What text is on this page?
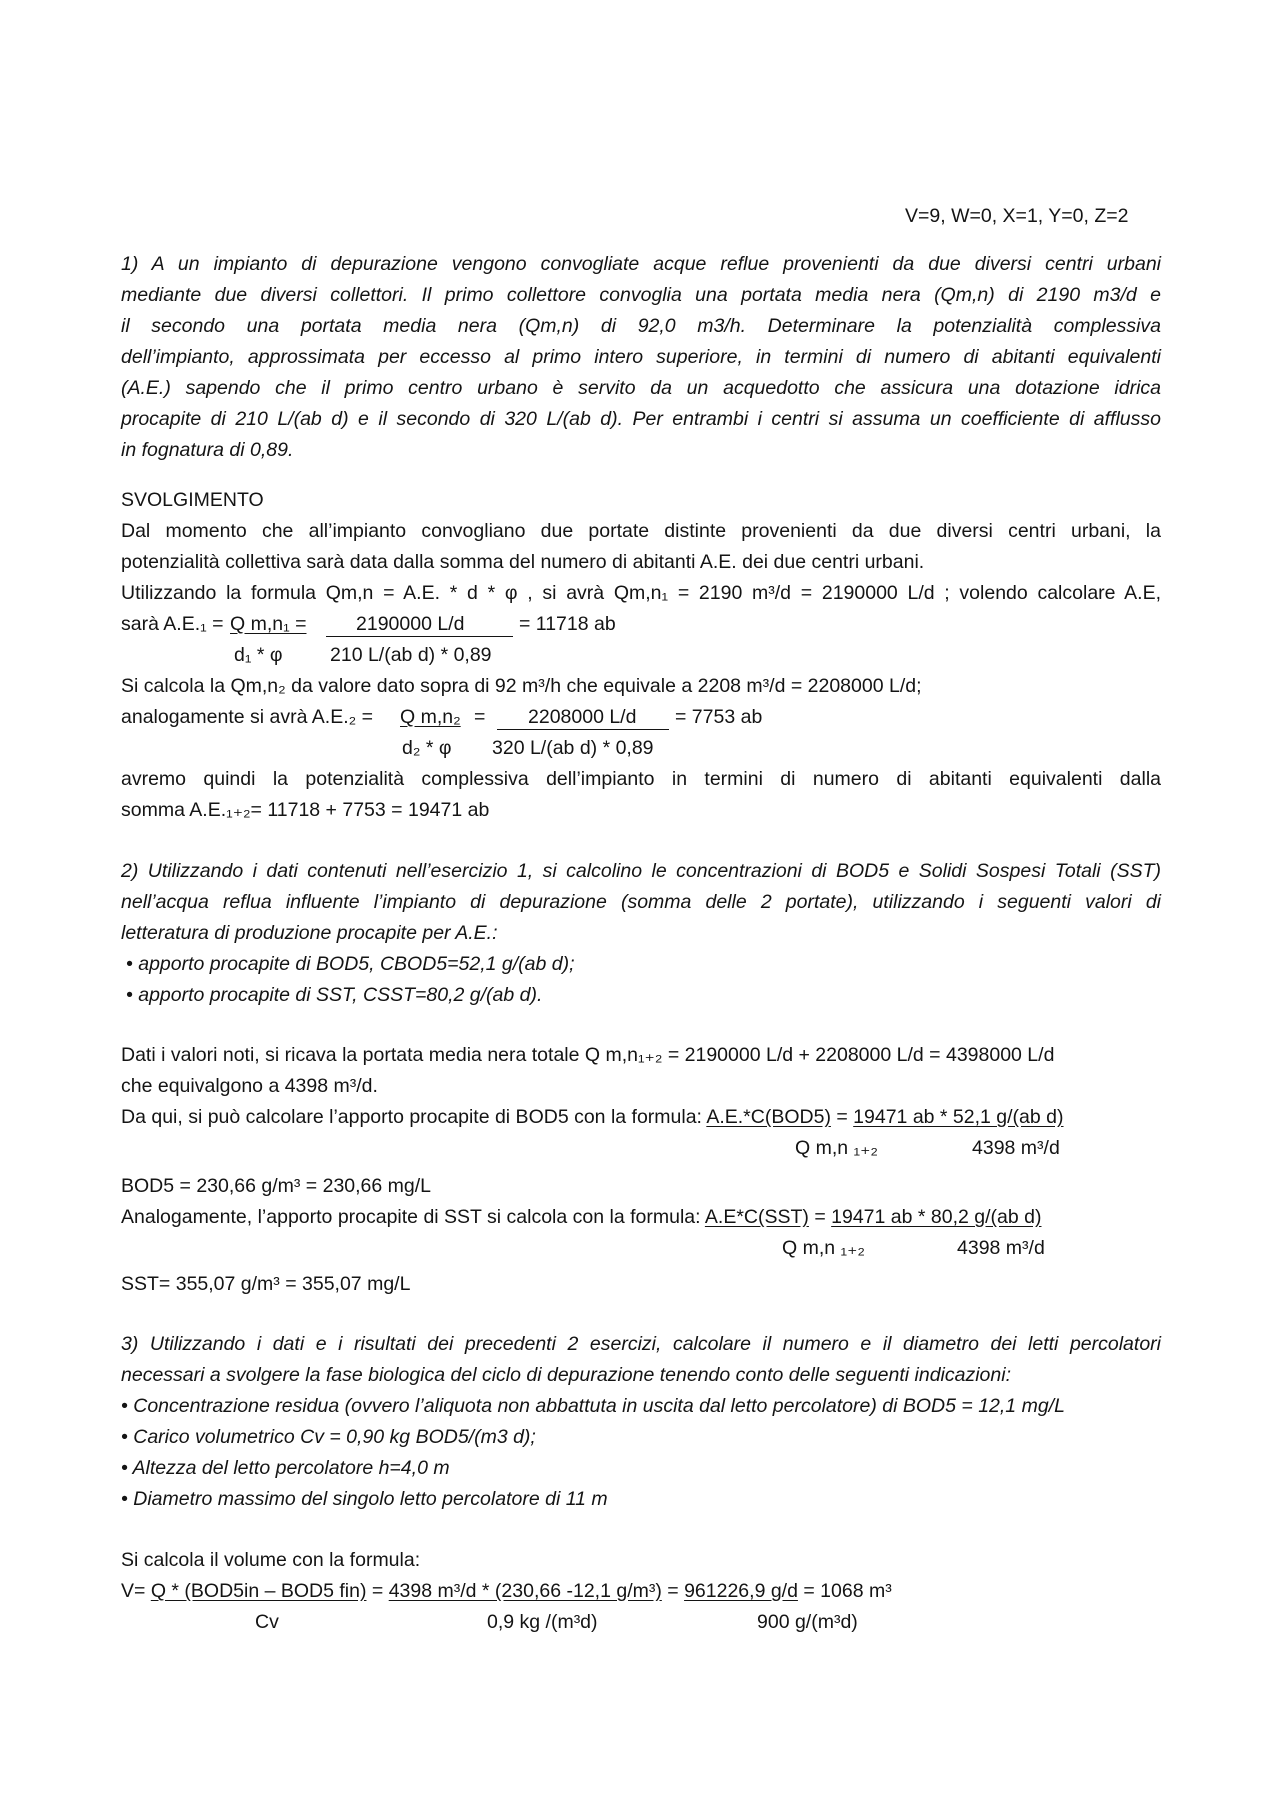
V=9, W=0, X=1, Y=0, Z=2
1) A un impianto di depurazione vengono convogliate acque reflue provenienti da due diversi centri urbani
mediante due diversi collettori. Il primo collettore convoglia una portata media nera (Qm,n) di 2190 m3/d e
il secondo una portata media nera (Qm,n) di 92,0 m3/h. Determinare la potenzialità complessiva
dell’impianto, approssimata per eccesso al primo intero superiore, in termini di numero di abitanti equivalenti
(A.E.) sapendo che il primo centro urbano è servito da un acquedotto che assicura una dotazione idrica
procapite di 210 L/(ab d) e il secondo di 320 L/(ab d). Per entrambi i centri si assuma un coefficiente di afflusso
in fognatura di 0,89.
SVOLGIMENTO
Dal momento che all’impianto convogliano due portate distinte provenienti da due diversi centri urbani, la
potenzialità collettiva sarà data dalla somma del numero di abitanti A.E. dei due centri urbani.
Utilizzando la formula Qm,n = A.E. * d * φ , si avrà Qm,n₁ = 2190 m³/d = 2190000 L/d ; volendo calcolare A.E,
sarà A.E.₁ = Q m,n₁ =	2190000 L/d	= 11718 ab
d₁ * φ 210 L/(ab d) * 0,89
Si calcola la Qm,n₂ da valore dato sopra di 92 m³/h che equivale a 2208 m³/d = 2208000 L/d;
analogamente si avrà A.E.₂ = Q m,n₂ = 2208000 L/d = 7753 ab
d₂ * φ 320 L/(ab d) * 0,89
avremo quindi la potenzialità complessiva dell’impianto in termini di numero di abitanti equivalenti dalla
somma A.E.₁₊₂= 11718 + 7753 = 19471 ab
2) Utilizzando i dati contenuti nell’esercizio 1, si calcolino le concentrazioni di BOD5 e Solidi Sospesi Totali (SST)
nell’acqua reflua influente l’impianto di depurazione (somma delle 2 portate), utilizzando i seguenti valori di
letteratura di produzione procapite per A.E.:
• apporto procapite di BOD5, CBOD5=52,1 g/(ab d);
• apporto procapite di SST, CSST=80,2 g/(ab d).
Dati i valori noti, si ricava la portata media nera totale Q m,n₁₊₂ = 2190000 L/d + 2208000 L/d = 4398000 L/d
che equivalgono a 4398 m³/d.
Da qui, si può calcolare l’apporto procapite di BOD5 con la formula: A.E.*C(BOD5) = 19471 ab * 52,1 g/(ab d)
Q m,n ₁₊₂	4398 m³/d
BOD5 = 230,66 g/m³ = 230,66 mg/L
Analogamente, l’apporto procapite di SST si calcola con la formula: A.E*C(SST) = 19471 ab * 80,2 g/(ab d)
Q m,n ₁₊₂	4398 m³/d
SST= 355,07 g/m³ = 355,07 mg/L
3) Utilizzando i dati e i risultati dei precedenti 2 esercizi, calcolare il numero e il diametro dei letti percolatori
necessari a svolgere la fase biologica del ciclo di depurazione tenendo conto delle seguenti indicazioni:
• Concentrazione residua (ovvero l’aliquota non abbattuta in uscita dal letto percolatore) di BOD5 = 12,1 mg/L
• Carico volumetrico Cv = 0,90 kg BOD5/(m3 d);
• Altezza del letto percolatore h=4,0 m
• Diametro massimo del singolo letto percolatore di 11 m
Si calcola il volume con la formula:
V= Q * (BOD5in – BOD5 fin) = 4398 m³/d * (230,66 -12,1 g/m³) = 961226,9 g/d = 1068 m³
Cv	0,9 kg /(m³d)	900 g/(m³d)
